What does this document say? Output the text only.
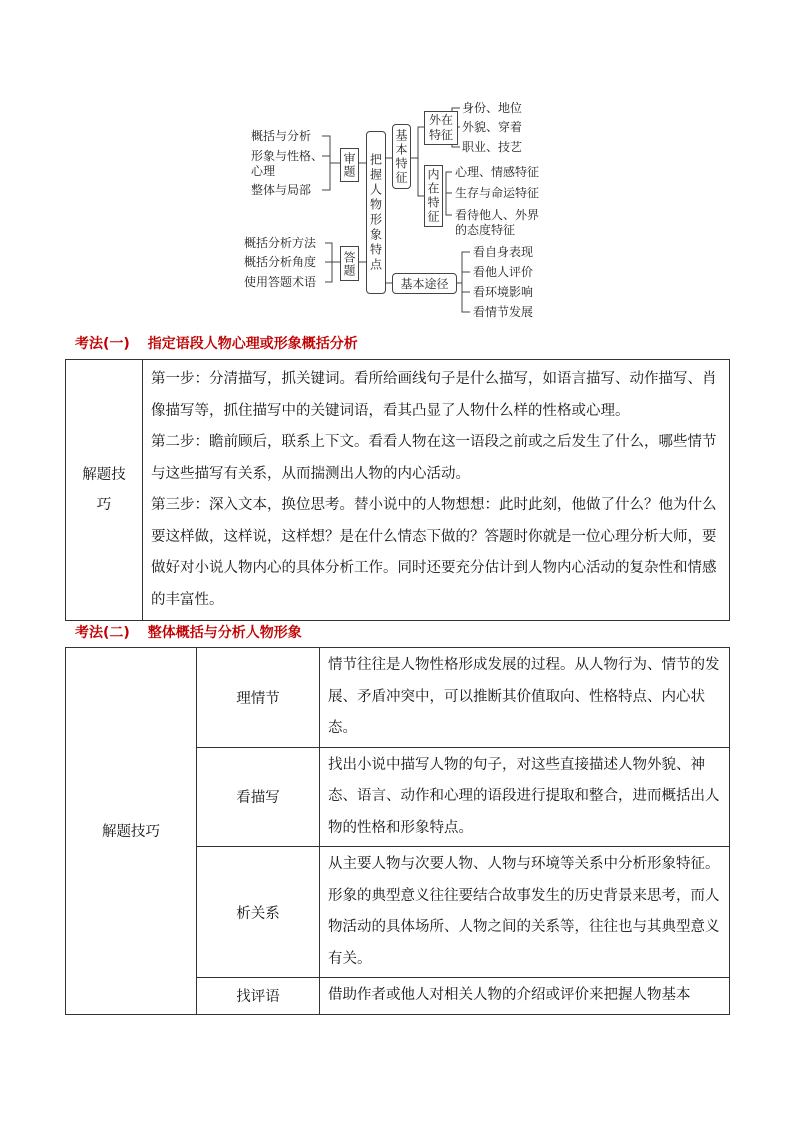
概括与分析
形象与性格、
心理
整体与局部
概括分析方法
概括分析角度
使用答题术语
审题
答题 把握人物形象特点 基本特征
外在特征
内在特征
基本途径
身份、地位
外貌、穿着
职业、技艺
心理、情感特征
生存与命运特征
看待他人、外界
的态度特征
看自身表现
看他人评价
看环境影响
看情节发展
考法(一) 指定语段人物心理或形象概括分析
解题技
巧

第一步：分清描写，抓关键词。看所给画线句子是什么描写，如语言描写、动作描写、肖像描写等，抓住描写中的关键词语，看其凸显了人物什么样的性格或心理。
第二步：瞻前顾后，联系上下文。看看人物在这一语段之前或之后发生了什么，哪些情节与这些描写有关系，从而揣测出人物的内心活动。
第三步：深入文本，换位思考。替小说中的人物想想：此时此刻，他做了什么？他为什么要这样做，这样说，这样想？是在什么情态下做的？答题时你就是一位心理分析大师，要做好对小说人物内心的具体分析工作。同时还要充分估计到人物内心活动的复杂性和情感的丰富性。
考法(二) 整体概括与分析人物形象
解题技巧	理情节	情节往往是人物性格形成发展的过程。从人物行为、情节的发展、矛盾冲突中，可以推断其价值取向、性格特点、内心状态。
	看描写	找出小说中描写人物的句子，对这些直接描述人物外貌、神态、语言、动作和心理的语段进行提取和整合，进而概括出人物的性格和形象特点。
	析关系	从主要人物与次要人物、人物与环境等关系中分析形象特征。形象的典型意义往往要结合故事发生的历史背景来思考，而人物活动的具体场所、人物之间的关系等，往往也与其典型意义有关。
	找评语	借助作者或他人对相关人物的介绍或评价来把握人物基本
